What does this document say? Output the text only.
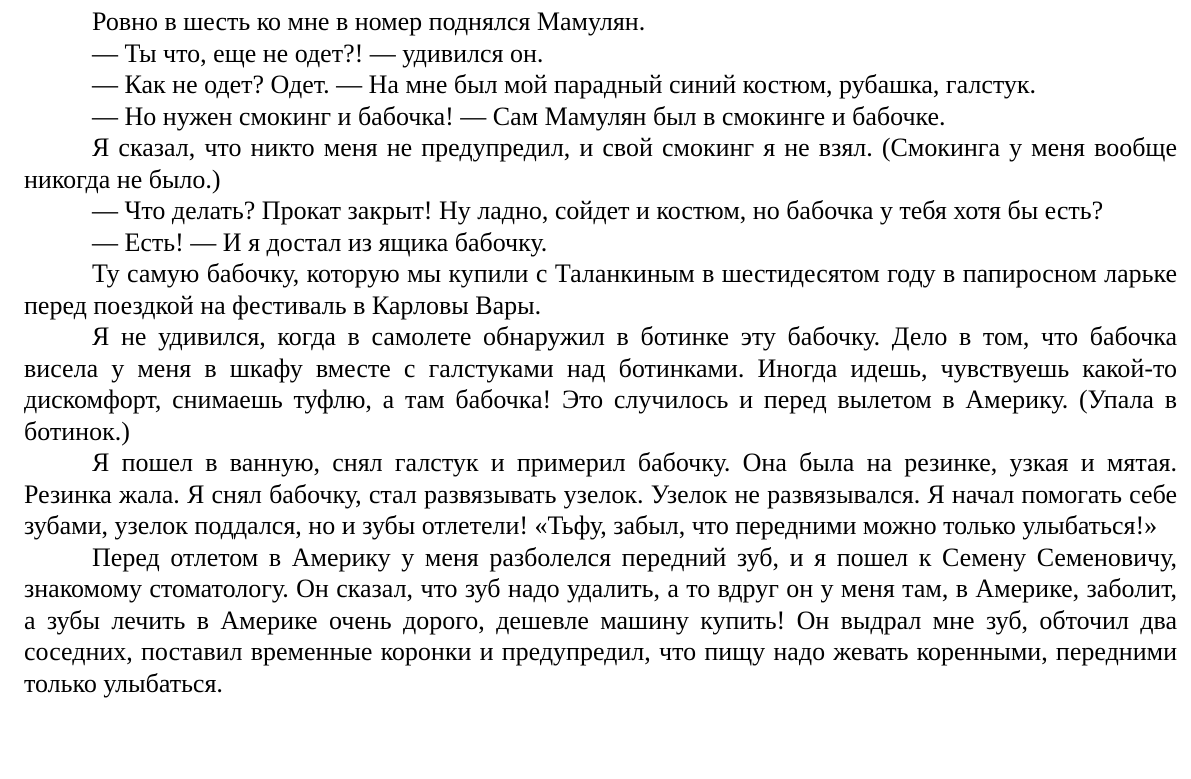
Ровно в шесть ко мне в номер поднялся Мамулян.

— Ты что, еще не одет?! — удивился он.

— Как не одет? Одет. — На мне был мой парадный синий костюм, рубашка, галстук.

— Но нужен смокинг и бабочка! — Сам Мамулян был в смокинге и бабочке.

Я сказал, что никто меня не предупредил, и свой смокинг я не взял. (Смокинга у меня вообще никогда не было.)

— Что делать? Прокат закрыт! Ну ладно, сойдет и костюм, но бабочка у тебя хотя бы есть?

— Есть! — И я достал из ящика бабочку.

Ту самую бабочку, которую мы купили с Таланкиным в шестидесятом году в папиросном ларьке перед поездкой на фестиваль в Карловы Вары.

Я не удивился, когда в самолете обнаружил в ботинке эту бабочку. Дело в том, что бабочка висела у меня в шкафу вместе с галстуками над ботинками. Иногда идешь, чувствуешь какой-то дискомфорт, снимаешь туфлю, а там бабочка! Это случилось и перед вылетом в Америку. (Упала в ботинок.)

Я пошел в ванную, снял галстук и примерил бабочку. Она была на резинке, узкая и мятая. Резинка жала. Я снял бабочку, стал развязывать узелок. Узелок не развязывался. Я начал помогать себе зубами, узелок поддался, но и зубы отлетели! «Тьфу, забыл, что передними можно только улыбаться!»

Перед отлетом в Америку у меня разболелся передний зуб, и я пошел к Семену Семеновичу, знакомому стоматологу. Он сказал, что зуб надо удалить, а то вдруг он у меня там, в Америке, заболит, а зубы лечить в Америке очень дорого, дешевле машину купить! Он выдрал мне зуб, обточил два соседних, поставил временные коронки и предупредил, что пищу надо жевать коренными, передними только улыбаться.
